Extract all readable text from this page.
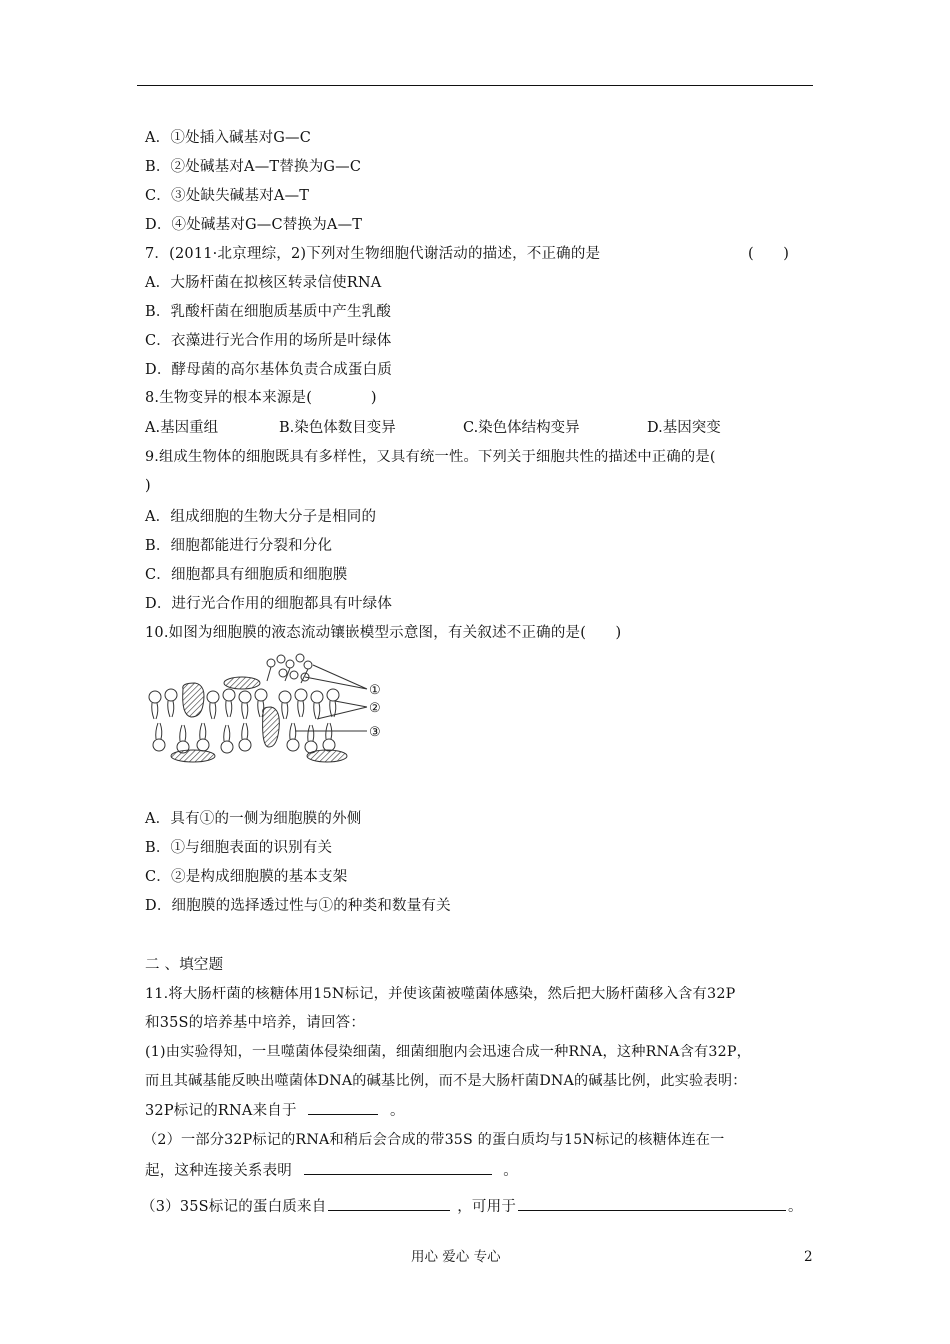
A．①处插入碱基对G—C
B．②处碱基对A—T替换为G—C
C．③处缺失碱基对A—T
D．④处碱基对G—C替换为A—T
7．(2011·北京理综，2)下列对生物细胞代谢活动的描述，不正确的是	(　　)
A．大肠杆菌在拟核区转录信使RNA
B．乳酸杆菌在细胞质基质中产生乳酸
C．衣藻进行光合作用的场所是叶绿体
D．酵母菌的高尔基体负责合成蛋白质
8.生物变异的根本来源是(　　　　)

A.基因重组

	B.染色体数目变异

	C.染色体结构变异

	D.基因突变

9.组成生物体的细胞既具有多样性，又具有统一性。下列关于细胞共性的描述中正确的是(
)
A．组成细胞的生物大分子是相同的
B．细胞都能进行分裂和分化
C．细胞都具有细胞质和细胞膜
D．进行光合作用的细胞都具有叶绿体
10.如图为细胞膜的液态流动镶嵌模型示意图，有关叙述不正确的是(　　)
①
②
③
A．具有①的一侧为细胞膜的外侧
B．①与细胞表面的识别有关
C．②是构成细胞膜的基本支架
D．细胞膜的选择透过性与①的种类和数量有关
二 、填空题
11.将大肠杆菌的核糖体用15N标记，并使该菌被噬菌体感染，然后把大肠杆菌移入含有32P
和35S的培养基中培养，请回答：
(1)由实验得知，一旦噬菌体侵染细菌，细菌细胞内会迅速合成一种RNA，这种RNA含有32P，
而且其碱基能反映出噬菌体DNA的碱基比例，而不是大肠杆菌DNA的碱基比例，此实验表明：
32P标记的RNA来自于	。
（2）一部分32P标记的RNA和稍后会合成的带35S 的蛋白质均与15N标记的核糖体连在一
起，这种连接关系表明	。
（3）35S标记的蛋白质来自	，可用于	。
用心 爱心 专心	2
